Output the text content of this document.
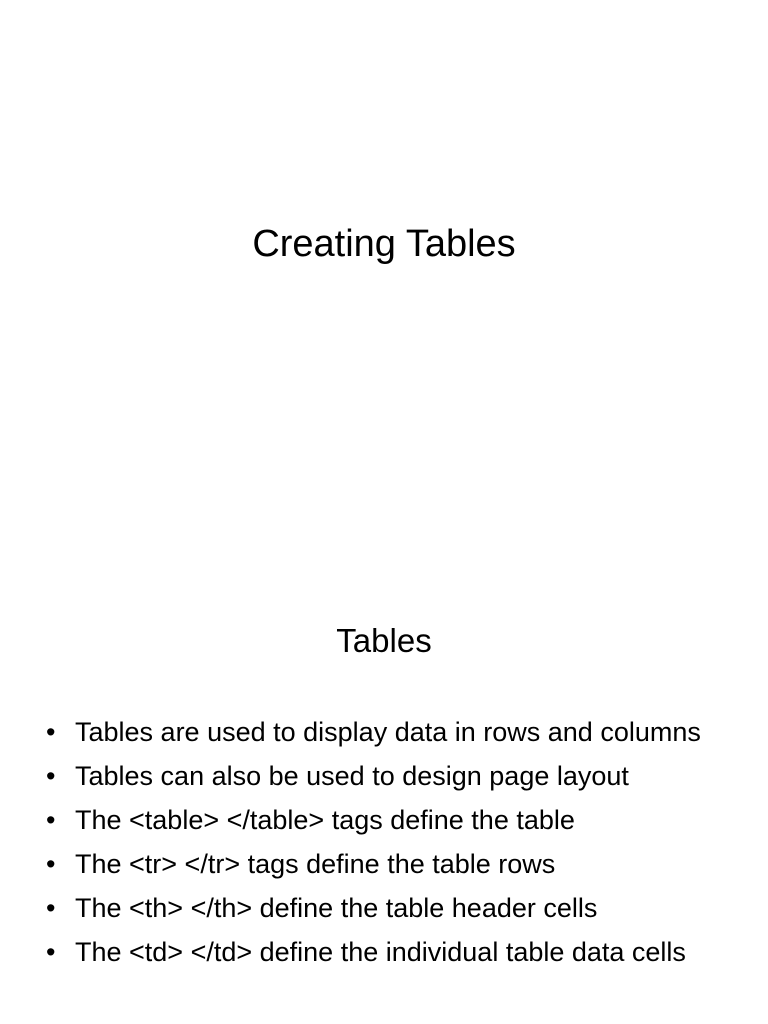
Creating Tables
Tables
• Tables are used to display data in rows and columns
• Tables can also be used to design page layout
• The <table> </table> tags define the table
• The <tr> </tr> tags define the table rows
• The <th> </th> define the table header cells
• The <td> </td> define the individual table data cells
